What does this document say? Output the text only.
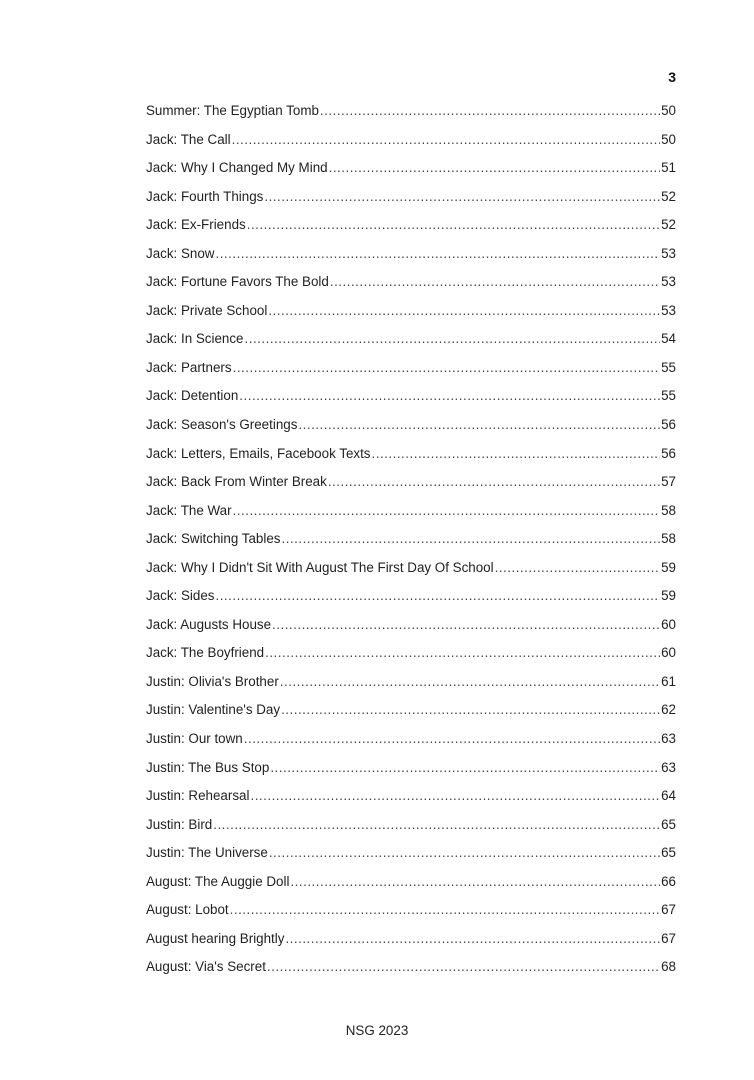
3
Summer: The Egyptian Tomb .....	50
Jack: The Call .....	50
Jack: Why I Changed My Mind .....	51
Jack: Fourth Things .....	52
Jack: Ex-Friends .....	52
Jack: Snow .....	53
Jack: Fortune Favors The Bold .....	53
Jack: Private School .....	53
Jack: In Science .....	54
Jack: Partners .....	55
Jack: Detention .....	55
Jack: Season's Greetings .....	56
Jack: Letters, Emails, Facebook Texts .....	56
Jack: Back From Winter Break .....	57
Jack: The War .....	58
Jack: Switching Tables .....	58
Jack: Why I Didn't Sit With August The First Day Of School .....	59
Jack: Sides .....	59
Jack: Augusts House .....	60
Jack: The Boyfriend .....	60
Justin: Olivia's Brother .....	61
Justin: Valentine's Day .....	62
Justin: Our town .....	63
Justin: The Bus Stop .....	63
Justin: Rehearsal .....	64
Justin: Bird .....	65
Justin: The Universe .....	65
August: The Auggie Doll .....	66
August: Lobot .....	67
August hearing Brightly .....	67
August: Via's Secret .....	68
NSG 2023
